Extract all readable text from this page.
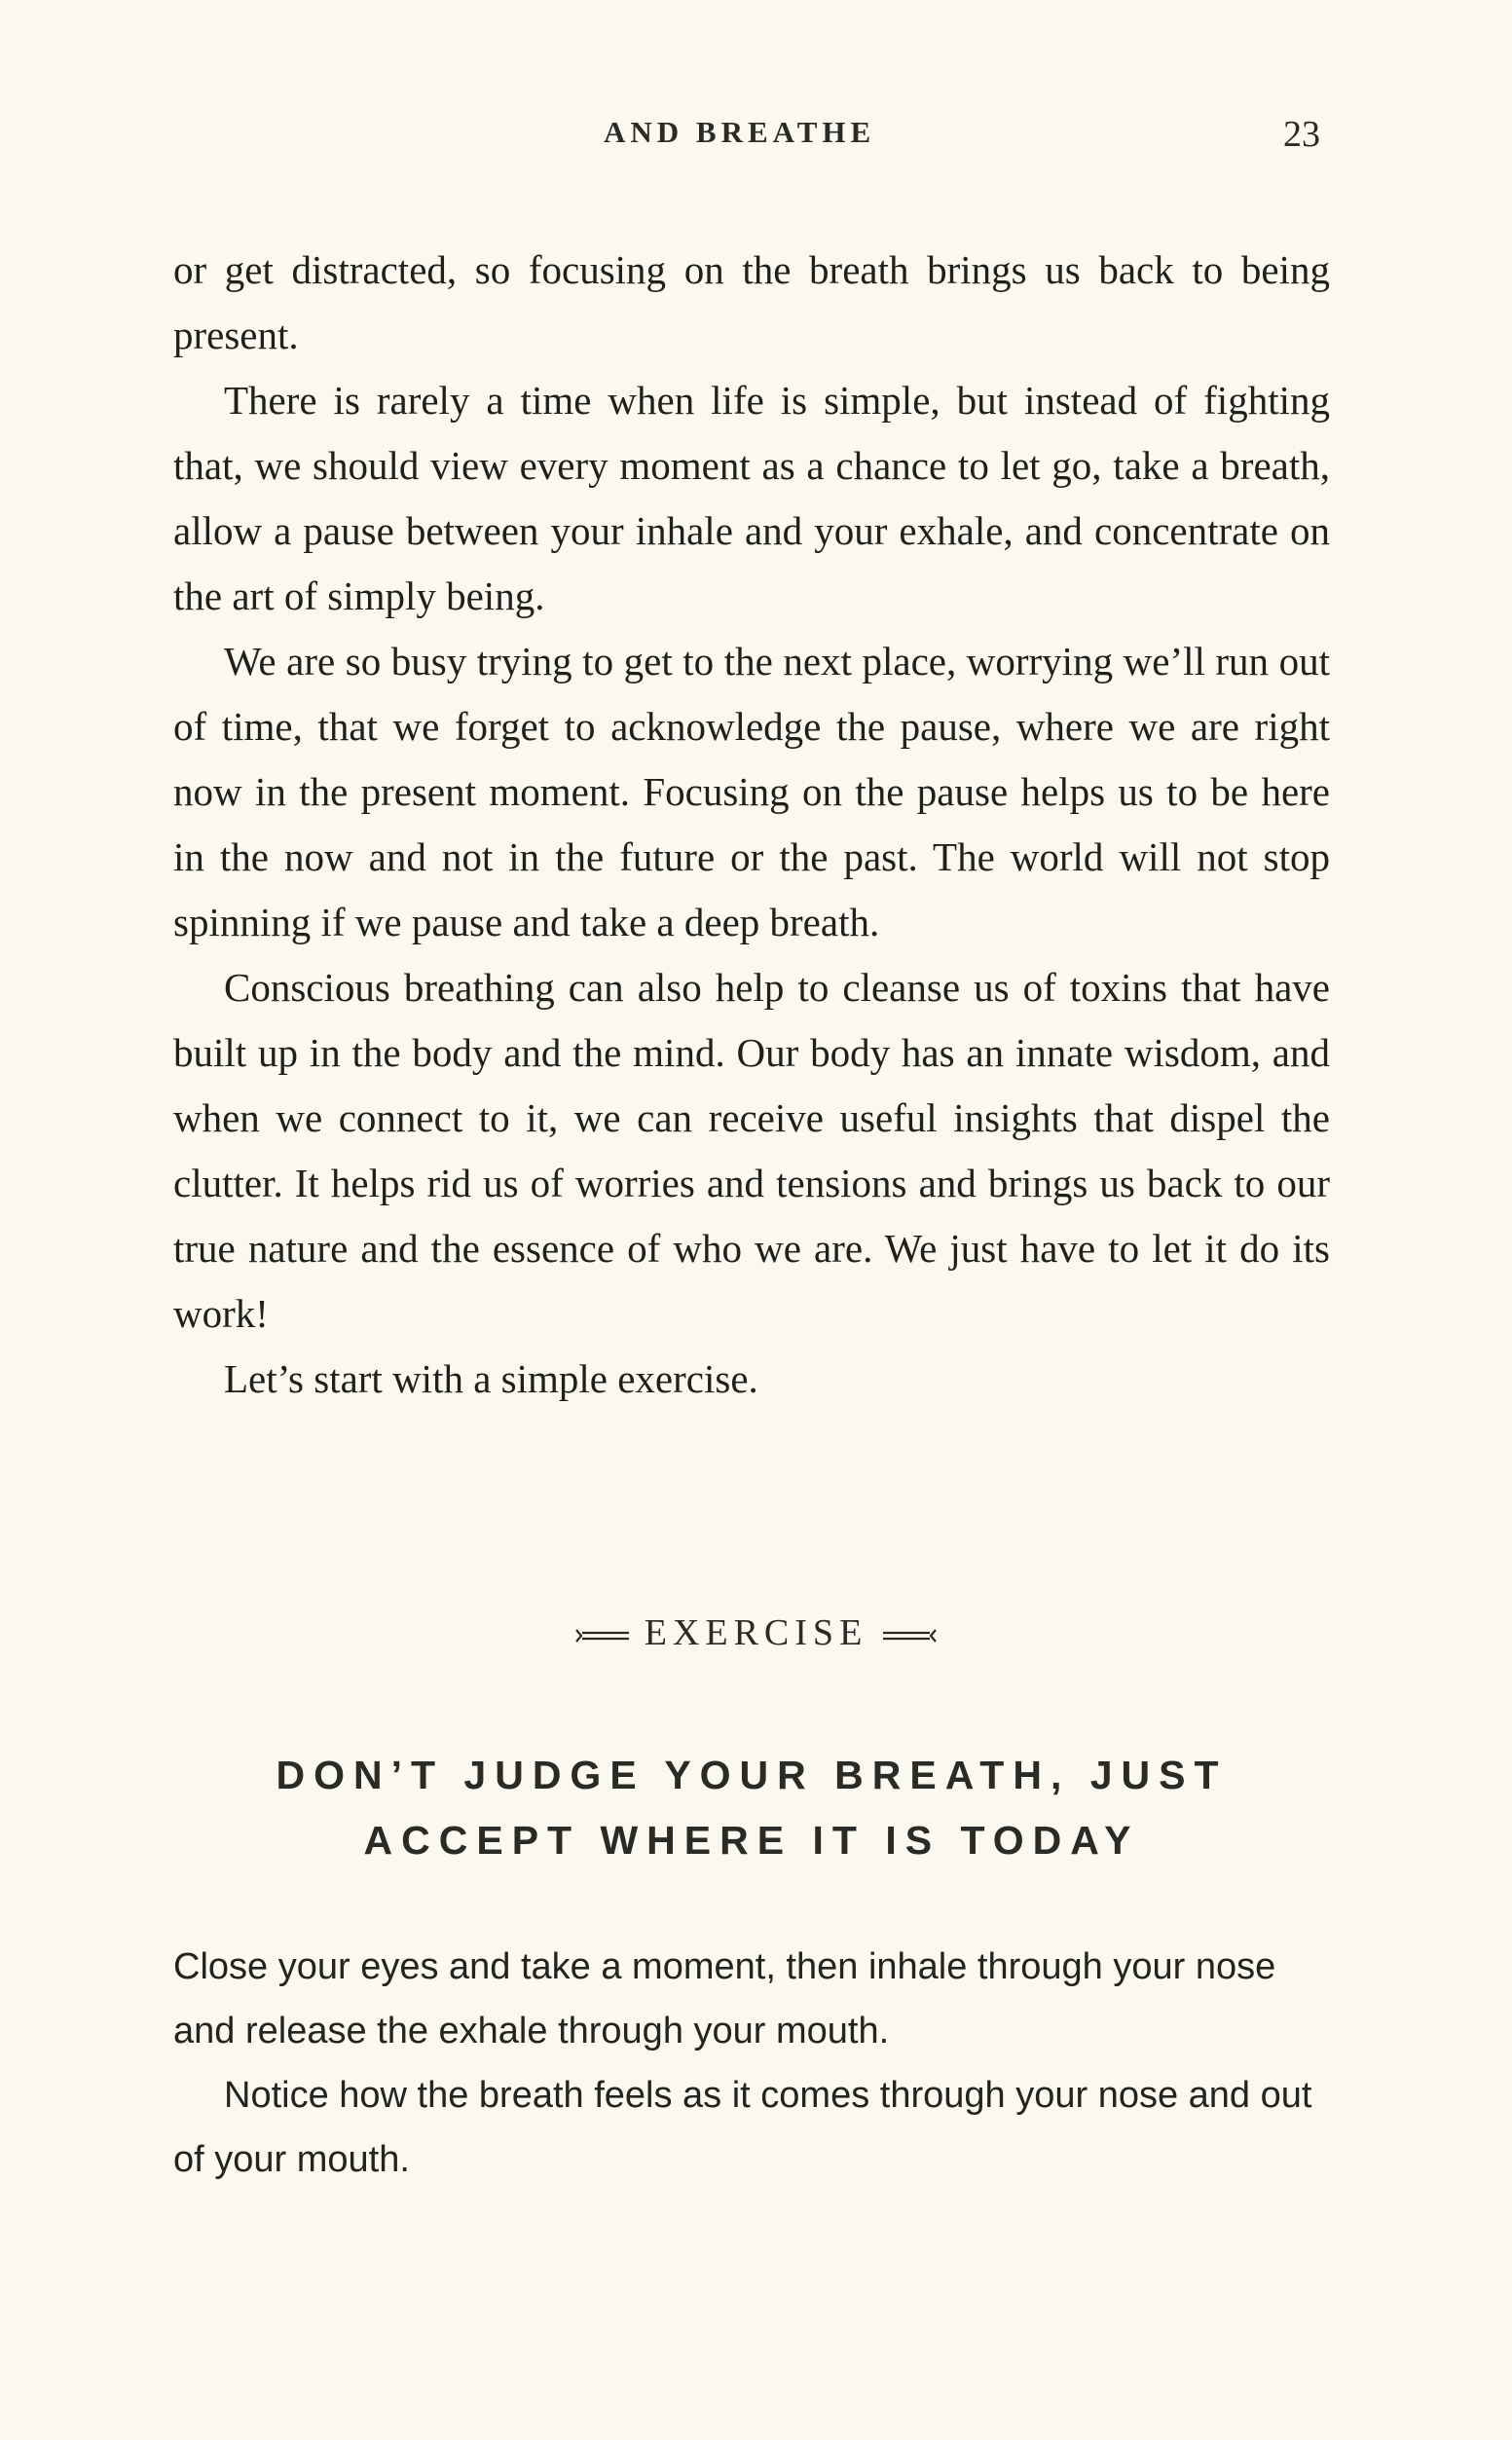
AND BREATHE	23

or get distracted, so focusing on the breath brings us back to being present.

There is rarely a time when life is simple, but instead of fighting that, we should view every moment as a chance to let go, take a breath, allow a pause between your inhale and your exhale, and concentrate on the art of simply being.

We are so busy trying to get to the next place, worrying we’ll run out of time, that we forget to acknowledge the pause, where we are right now in the present moment. Focusing on the pause helps us to be here in the now and not in the future or the past. The world will not stop spinning if we pause and take a deep breath.

Conscious breathing can also help to cleanse us of toxins that have built up in the body and the mind. Our body has an innate wisdom, and when we connect to it, we can receive useful insights that dispel the clutter. It helps rid us of worries and tensions and brings us back to our true nature and the essence of who we are. We just have to let it do its work!

Let’s start with a simple exercise.

EXERCISE
DON’T JUDGE YOUR BREATH, JUST
ACCEPT WHERE IT IS TODAY

Close your eyes and take a moment, then inhale through your nose and release the exhale through your mouth.

Notice how the breath feels as it comes through your nose and out of your mouth.
